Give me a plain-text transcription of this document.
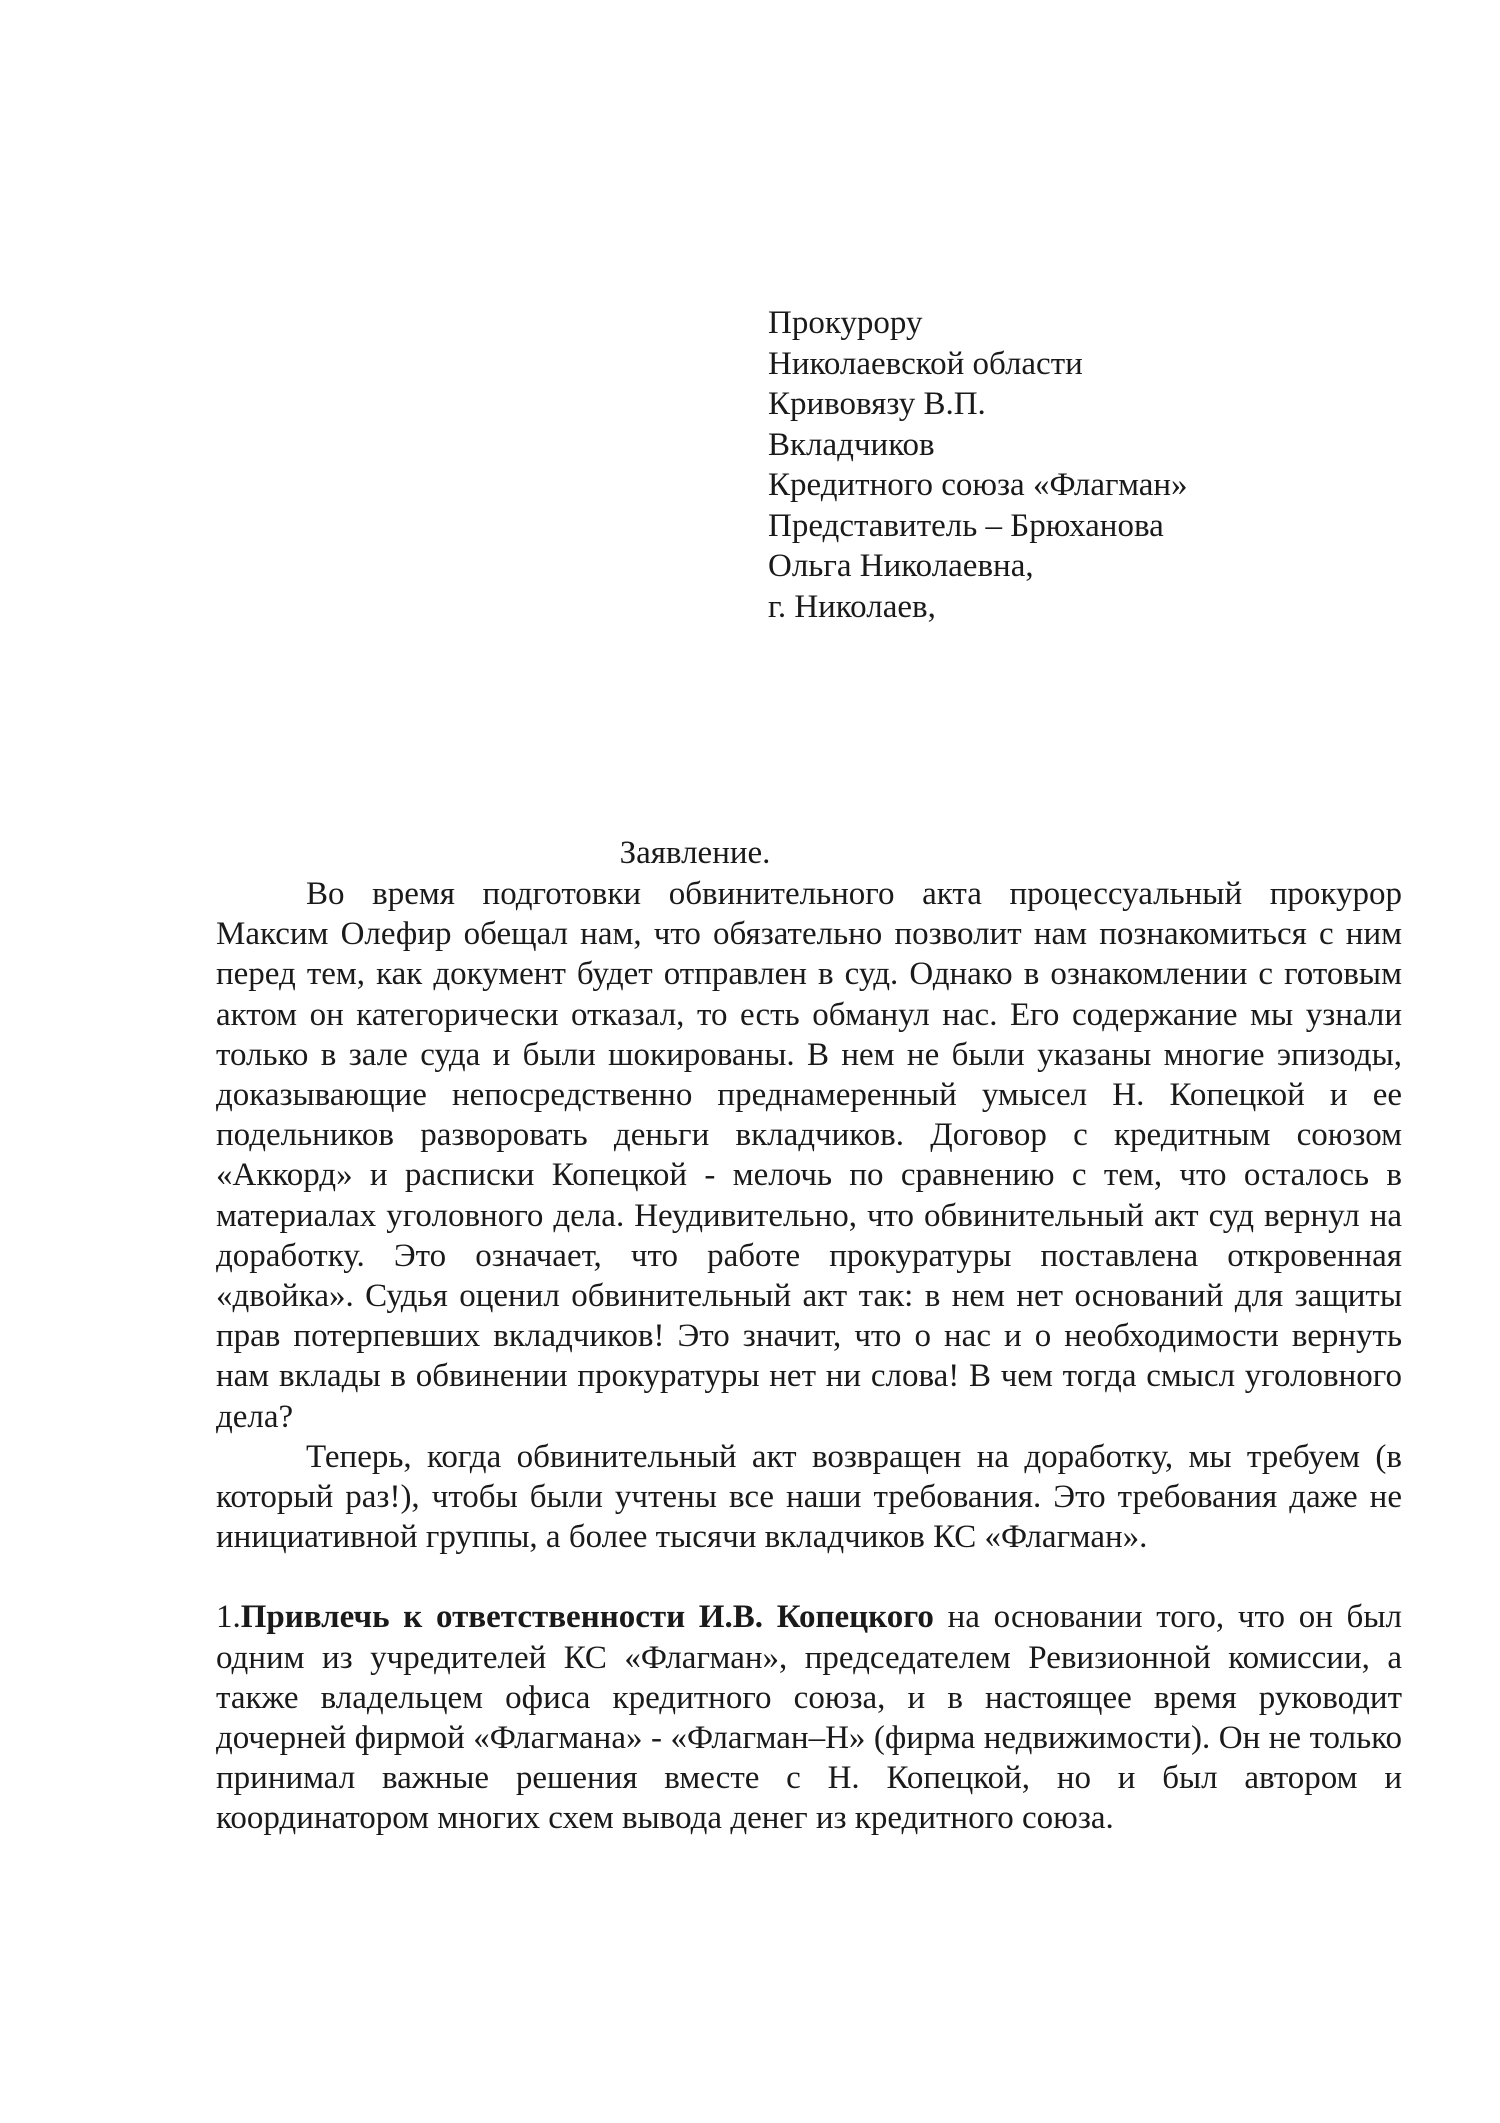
Прокурору
Николаевской области
Кривовязу В.П.
Вкладчиков
Кредитного союза «Флагман»
Представитель – Брюханова
Ольга Николаевна,
г. Николаев,
Заявление.

Во время подготовки обвинительного акта процессуальный прокурор Максим Олефир обещал нам, что обязательно позволит нам познакомиться с ним перед тем, как документ будет отправлен в суд. Однако в ознакомлении с готовым актом он категорически отказал, то есть обманул нас. Его содержание мы узнали только в зале суда и были шокированы. В нем не были указаны многие эпизоды, доказывающие непосредственно преднамеренный умысел Н. Копецкой и ее подельников разворовать деньги вкладчиков. Договор с кредитным союзом «Аккорд» и расписки Копецкой - мелочь по сравнению с тем, что осталось в материалах уголовного дела. Неудивительно, что обвинительный акт суд вернул на доработку. Это означает, что работе прокуратуры поставлена откровенная «двойка». Судья оценил обвинительный акт так: в нем нет оснований для защиты прав потерпевших вкладчиков! Это значит, что о нас и о необходимости вернуть нам вклады в обвинении прокуратуры нет ни слова! В чем тогда смысл уголовного дела?

Теперь, когда обвинительный акт возвращен на доработку, мы требуем (в который раз!), чтобы были учтены все наши требования. Это требования даже не инициативной группы, а более тысячи вкладчиков КС «Флагман».

1.Привлечь к ответственности И.В. Копецкого на основании того, что он был одним из учредителей КС «Флагман», председателем Ревизионной комиссии, а также владельцем офиса кредитного союза, и в настоящее время руководит дочерней фирмой «Флагмана» - «Флагман–Н» (фирма недвижимости). Он не только принимал важные решения вместе с Н. Копецкой, но и был автором и координатором многих схем вывода денег из кредитного союза.
